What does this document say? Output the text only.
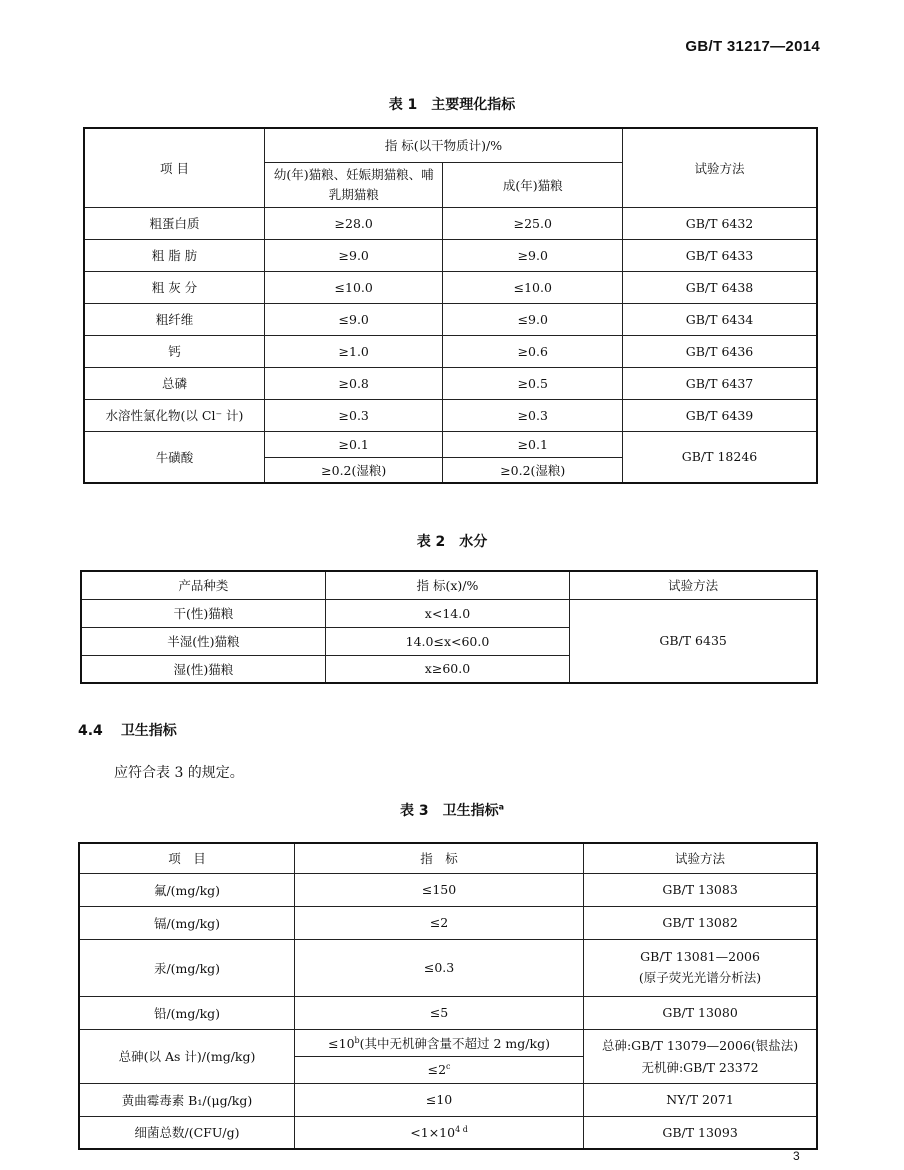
GB/T 31217—2014
表 1　主要理化指标
项 目	指 标(以干物质计)/%		试验方法
	幼(年)猫粮、妊娠期猫粮、哺乳期猫粮	成(年)猫粮	
粗蛋白质	≥28.0	≥25.0	GB/T 6432
粗 脂 肪	≥9.0	≥9.0	GB/T 6433
粗 灰 分	≤10.0	≤10.0	GB/T 6438
粗纤维	≤9.0	≤9.0	GB/T 6434
钙	≥1.0	≥0.6	GB/T 6436
总磷	≥0.8	≥0.5	GB/T 6437
水溶性氯化物(以 Cl⁻ 计)	≥0.3	≥0.3	GB/T 6439
牛磺酸	≥0.1	≥0.1	GB/T 18246
	≥0.2(湿粮)	≥0.2(湿粮)	
表 2　水分
产品种类	指 标(x)/%	试验方法
干(性)猫粮	x<14.0	GB/T 6435
半湿(性)猫粮	14.0≤x<60.0	
湿(性)猫粮	x≥60.0	
4.4 卫生指标
应符合表 3 的规定。
表 3　卫生指标$^a$
项　目	指　标	试验方法
氟/(mg/kg)	≤150	GB/T 13083
镉/(mg/kg)	≤2	GB/T 13082
汞/(mg/kg)	≤0.3	GB/T 13081—2006
(原子荧光光谱分析法)

铅/(mg/kg)	≤5	GB/T 13080
总砷(以 As 计)/(mg/kg)	$\le 10^b$(其中无机砷含量不超过 2 mg/kg)	总砷:GB/T 13079—2006(银盐法)
无机砷:GB/T 23372

	$\le 2^c$
黄曲霉毒素 B₁/(μg/kg)	≤10	NY/T 2071
细菌总数/(CFU/g)	$<1\times 10^{4 d}$	GB/T 13093
3
